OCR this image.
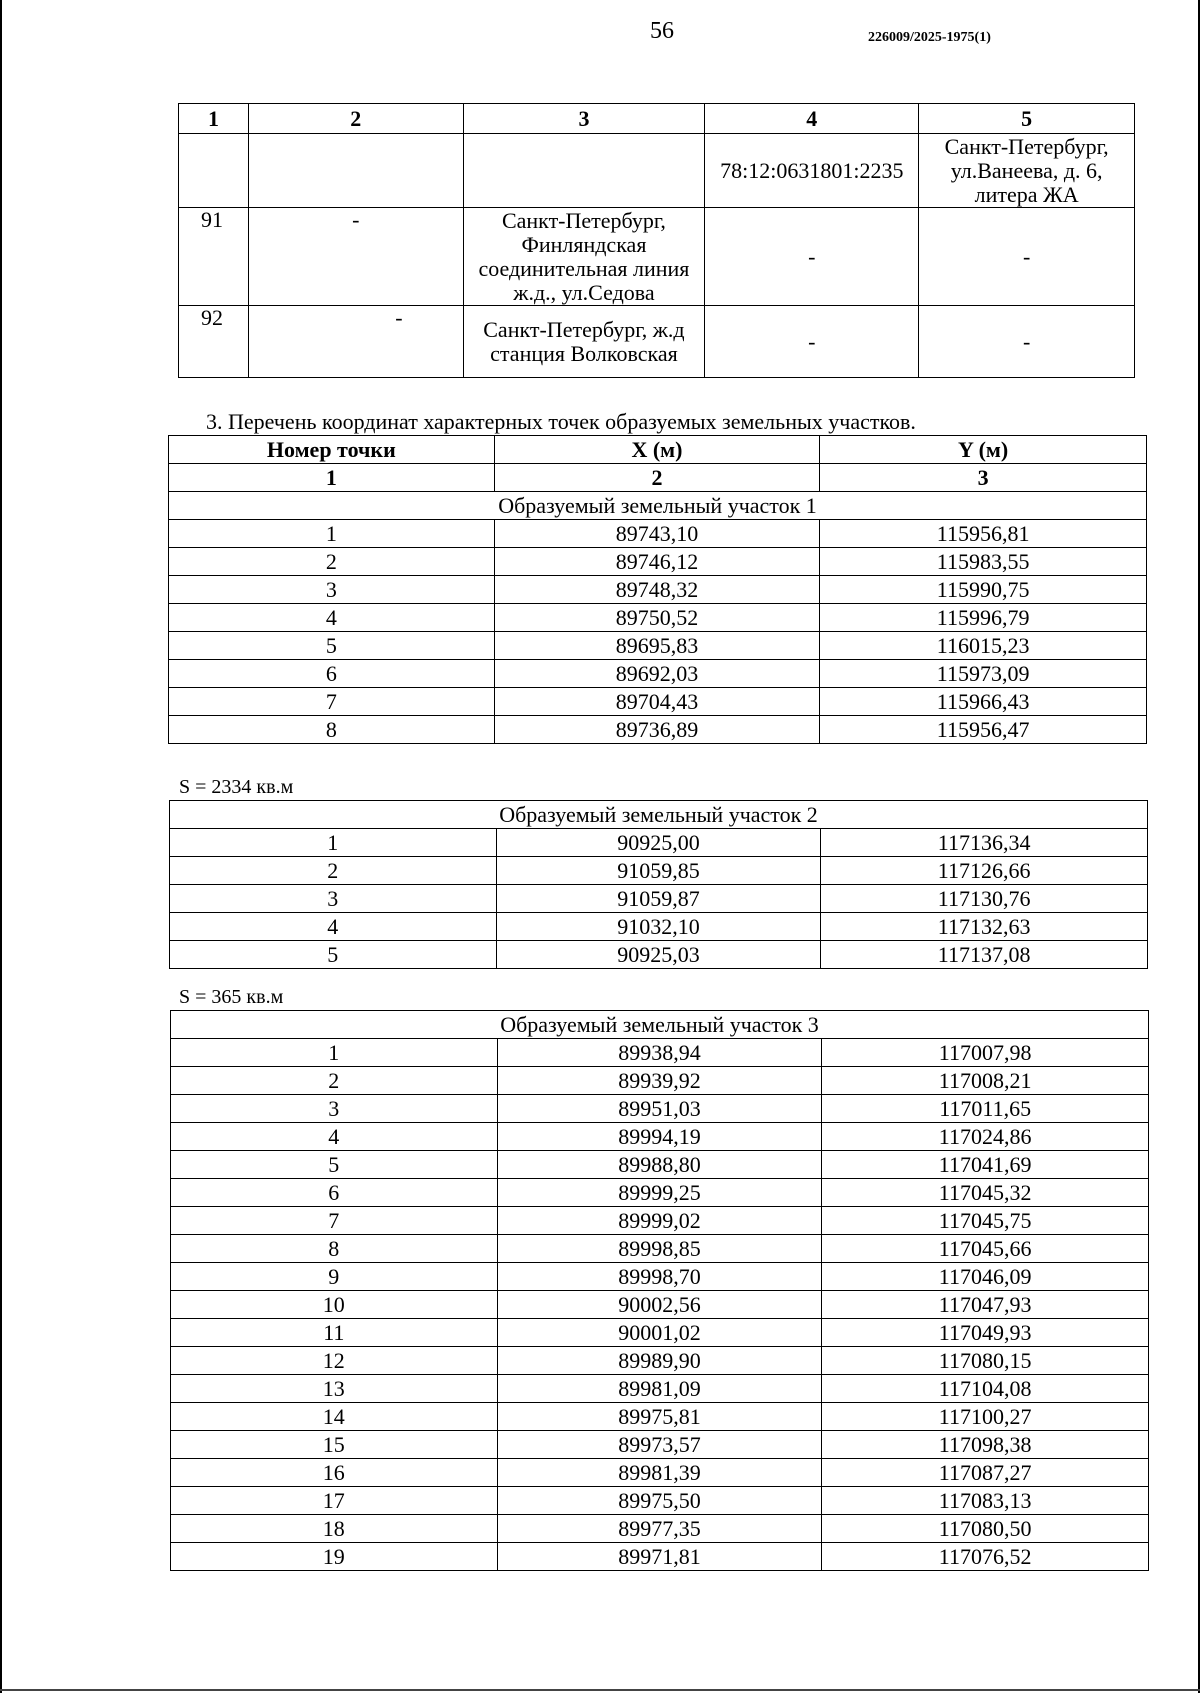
56	226009/2025-1975(1)
1	2	3	4	5
			78:12:0631801:2235	Санкт-Петербург, ул.Ванеева, д. 6, литера ЖА
91	-	Санкт-Петербург, Финляндская соединительная линия ж.д., ул.Седова	-	-
92	-	Санкт-Петербург, ж.д станция Волковская	-	-
3. Перечень координат характерных точек образуемых земельных участков.
Номер точки	X (м)	Y (м)
1	2	3
Образуемый земельный участок 1		
1	89743,10	115956,81
2	89746,12	115983,55
3	89748,32	115990,75
4	89750,52	115996,79
5	89695,83	116015,23
6	89692,03	115973,09
7	89704,43	115966,43
8	89736,89	115956,47
S = 2334 кв.м
Образуемый земельный участок 2		
1	90925,00	117136,34
2	91059,85	117126,66
3	91059,87	117130,76
4	91032,10	117132,63
5	90925,03	117137,08
S = 365 кв.м
Образуемый земельный участок 3		
1	89938,94	117007,98
2	89939,92	117008,21
3	89951,03	117011,65
4	89994,19	117024,86
5	89988,80	117041,69
6	89999,25	117045,32
7	89999,02	117045,75
8	89998,85	117045,66
9	89998,70	117046,09
10	90002,56	117047,93
11	90001,02	117049,93
12	89989,90	117080,15
13	89981,09	117104,08
14	89975,81	117100,27
15	89973,57	117098,38
16	89981,39	117087,27
17	89975,50	117083,13
18	89977,35	117080,50
19	89971,81	117076,52
